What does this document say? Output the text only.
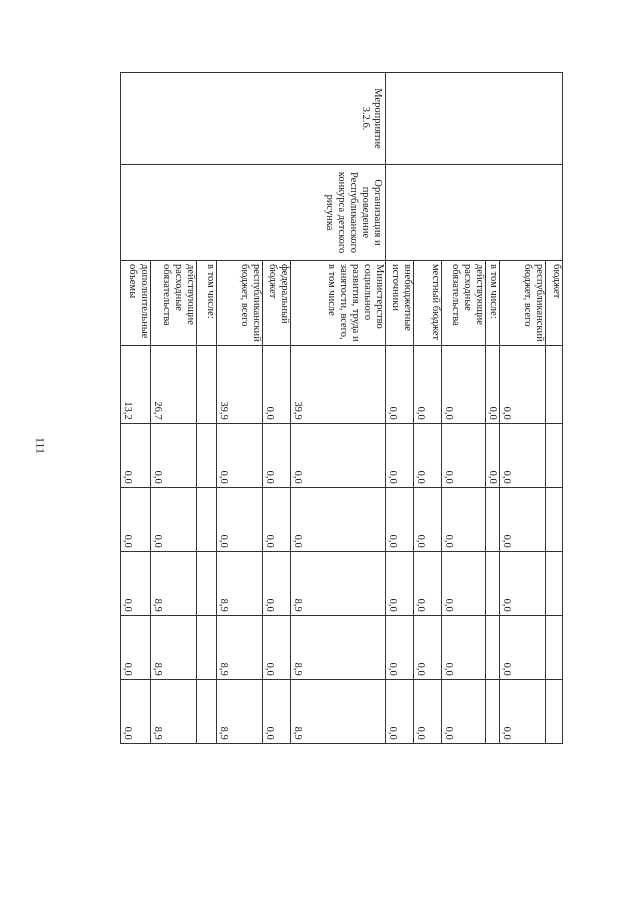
111
		бюджет						
		республиканский бюджет, всего	0,0	0,0	0,0	0,0	0,0	0,0
		в том числе:	0,0	0,0				
		действующие расходные обязательства	0,0	0,0	0,0	0,0	0,0	0,0
		местный бюджет	0,0	0,0	0,0	0,0	0,0	0,0
		внебюджетные источники	0,0	0,0	0,0	0,0	0,0	0,0
Мероприятие 3.2.6.	Организация и проведение Республиканского конкурса детского рисунка	Министерство социального развития, труда и занятости, всего, в том числе	39,9	0,0	0,0	8,9	8,9	8,9
		федеральный бюджет	0,0	0,0	0,0	0,0	0,0	0,0
		республиканский бюджет, всего	39,9	0,0	0,0	8,9	8,9	8,9
		в том числе:						
		действующие расходные обязательства	26,7	0,0	0,0	8,9	8,9	8,9
		дополнительные объемы	13,2	0,0	0,0	0,0	0,0	0,0
